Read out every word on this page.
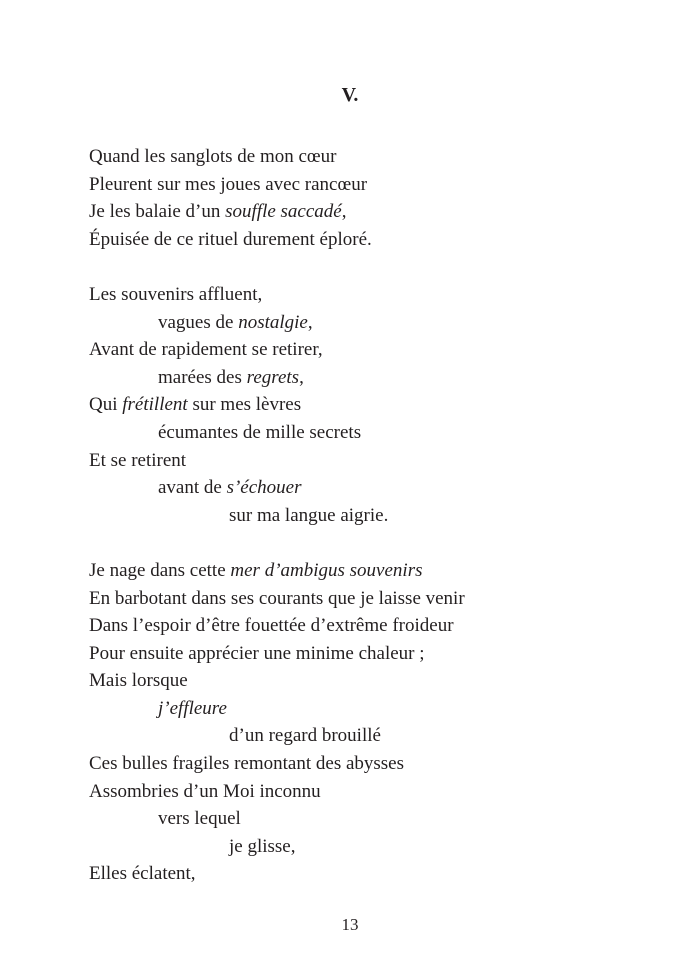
V.
Quand les sanglots de mon cœur
Pleurent sur mes joues avec rancœur
Je les balaie d’un souffle saccadé,
Épuisée de ce rituel durement éploré.
Les souvenirs affluent,
vagues de nostalgie,
Avant de rapidement se retirer,
marées des regrets,
Qui frétillent sur mes lèvres
écumantes de mille secrets
Et se retirent
avant de s’échouer
sur ma langue aigrie.
Je nage dans cette mer d’ambigus souvenirs
En barbotant dans ses courants que je laisse venir
Dans l’espoir d’être fouettée d’extrême froideur
Pour ensuite apprécier une minime chaleur ;
Mais lorsque
j’effleure
d’un regard brouillé
Ces bulles fragiles remontant des abysses
Assombries d’un Moi inconnu
vers lequel
je glisse,
Elles éclatent,
13
